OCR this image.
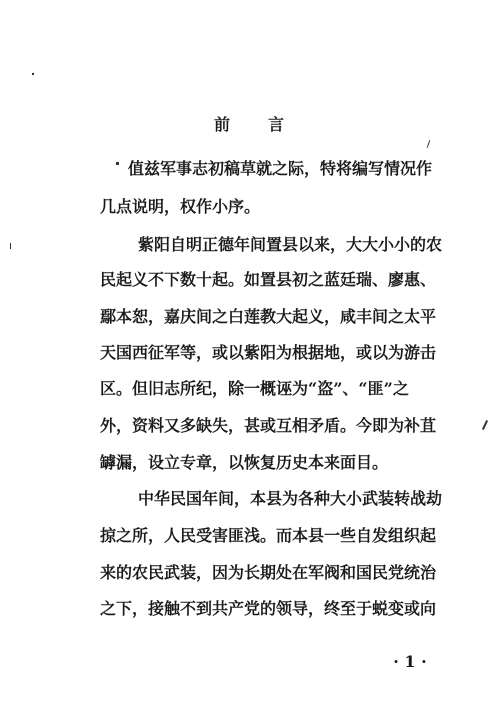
前　　言
值兹军事志初稿草就之际，特将编写情况作
几点说明，权作小序。
紫阳自明正德年间置县以来，大大小小的农
民起义不下数十起。如置县初之蓝廷瑞、廖惠、
鄢本恕，嘉庆间之白莲教大起义，咸丰间之太平
天国西征军等，或以紫阳为根据地，或以为游击
区。但旧志所纪，除一概诬为“盗”、“匪”之
外，资料又多缺失，甚或互相矛盾。今即为补苴
罅漏，设立专章，以恢复历史本来面目。
中华民国年间，本县为各种大小武装转战劫
掠之所，人民受害匪浅。而本县一些自发组织起
来的农民武装，因为长期处在军阀和国民党统治
之下，接触不到共产党的领导，终至于蜕变或向
· 1 ·
